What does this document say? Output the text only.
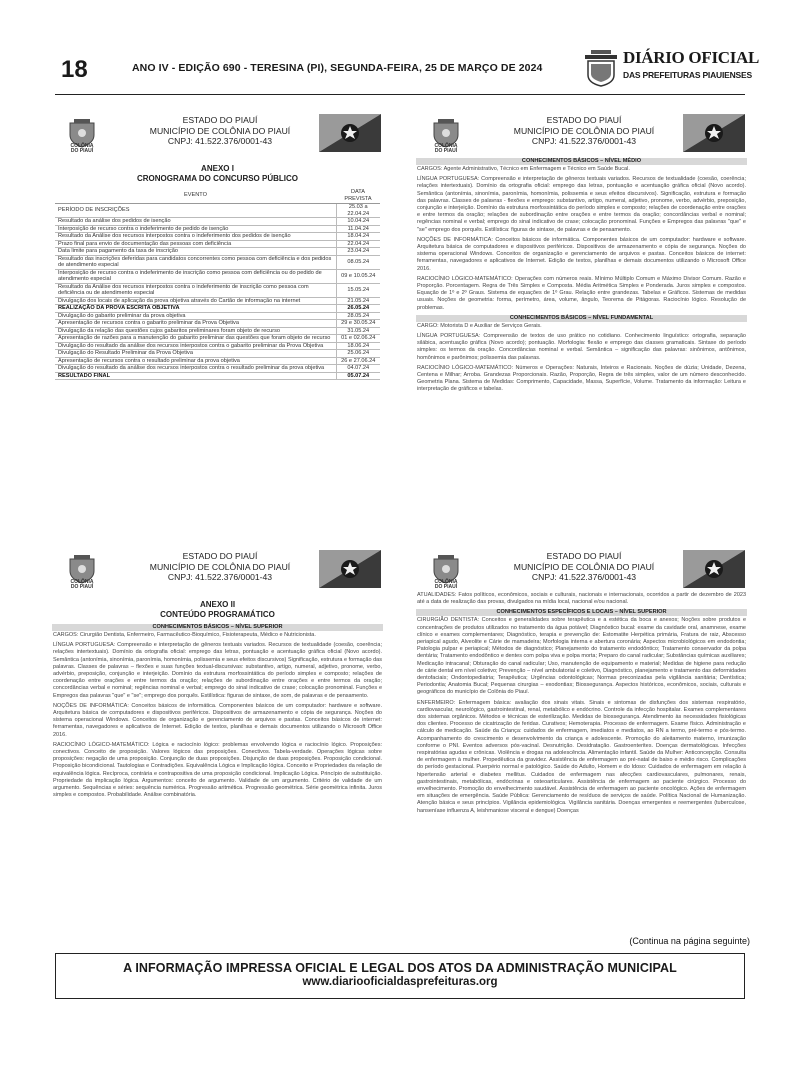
18	ANO IV - EDIÇÃO 690 - TERESINA (PI), SEGUNDA-FEIRA, 25 DE MARÇO DE 2024
DIÁRIO OFICIAL
DAS PREFEITURAS PIAUIENSES
COLÔNIA
DO PIAUÍ
ESTADO DO PIAUÍ
MUNICÍPIO DE COLÔNIA DO PIAUÍ
CNPJ: 41.522.376/0001-43
ANEXO I
CRONOGRAMA DO CONCURSO PÚBLICO
EVENTO	DATA PREVISTA
PERÍODO DE INSCRIÇÕES	25.03 a 22.04.24
Resultado da análise dos pedidos de isenção	10.04.24
Interposição de recurso contra o indeferimento de pedido de isenção	11.04.24
Resultado da Análise dos recursos interpostos contra o indeferimento dos pedidos de isenção	18.04.24
Prazo final para envio de documentação das pessoas com deficiência	22.04.24
Data limite para pagamento da taxa de inscrição	23.04.24
Resultado das inscrições deferidas para candidatos concorrentes como pessoa com deficiência e dos pedidos de atendimento especial	08.05.24
Interposição de recurso contra o indeferimento de inscrição como pessoa com deficiência ou do pedido de atendimento especial	09 e 10.05.24
Resultado da Análise dos recursos interpostos contra o indeferimento de inscrição como pessoa com deficiência ou de atendimento especial	15.05.24
Divulgação dos locais de aplicação da prova objetiva através do Cartão de informação na internet	21.05.24
REALIZAÇÃO DA PROVA ESCRITA OBJETIVA	26.05.24
Divulgação do gabarito preliminar da prova objetiva	28.05.24
Apresentação de recursos contra o gabarito preliminar da Prova Objetiva	29 e 30.05.24
Divulgação da relação das questões cujos gabaritos preliminares foram objeto de recurso	31.05.24
Apresentação de razões para a manutenção do gabarito preliminar das questões que foram objeto de recurso	01 e 02.06.24
Divulgação do resultado da análise dos recursos interpostos contra o gabarito preliminar da Prova Objetiva	18.06.24
Divulgação do Resultado Preliminar da Prova Objetiva	25.06.24
Apresentação de recursos contra o resultado preliminar da prova objetiva	26 e 27.06.24
Divulgação do resultado da análise dos recursos interpostos contra o resultado preliminar da prova objetiva	04.07.24
RESULTADO FINAL	05.07.24
COLÔNIA
DO PIAUÍ
ESTADO DO PIAUÍ
MUNICÍPIO DE COLÔNIA DO PIAUÍ
CNPJ: 41.522.376/0001-43
CONHECIMENTOS BÁSICOS – NÍVEL MÉDIO
CARGOS: Agente Administrativo, Técnico em Enfermagem e Técnico em Saúde Bucal.
LÍNGUA PORTUGUESA: Compreensão e interpretação de gêneros textuais variados. Recursos de textualidade (coesão, coerência; relações intertextuais). Domínio da ortografia oficial: emprego das letras, pontuação e acentuação gráfica oficial (Novo acordo). Semântica (antonímia, sinonímia, paronímia, homonímia, polissemia e seus efeitos discursivos). Significação, estrutura e formação das palavras. Classes de palavras - flexões e emprego: substantivo, artigo, numeral, adjetivo, pronome, verbo, advérbio, preposição, conjunção e interjeição. Domínio da estrutura morfossintática do período simples e composto; relações de coordenação entre orações e entre termos da oração; relações de subordinação entre orações e entre termos da oração; concordâncias verbal e nominal; regências nominal e verbal; emprego do sinal indicativo de crase; colocação pronominal. Funções e Empregos das palavras "que" e "se" emprego dos porquês. Estilística: figuras de sintaxe, de palavras e de pensamento.
NOÇÕES DE INFORMÁTICA: Conceitos básicos de informática. Componentes básicos de um computador: hardware e software. Arquitetura básica de computadores e dispositivos periféricos. Dispositivos de armazenamento e cópia de segurança. Noções do sistema operacional Windows. Conceitos de organização e gerenciamento de arquivos e pastas. Conceitos básicos de internet: ferramentas, navegadores e aplicativos de Internet. Edição de textos, planilhas e demais documentos utilizando o Microsoft Office 2016.
RACIOCÍNIO LÓGICO-MATEMÁTICO: Operações com números reais. Mínimo Múltiplo Comum e Máximo Divisor Comum. Razão e Proporção. Porcentagem. Regra de Três Simples e Composta. Média Aritmética Simples e Ponderada. Juros simples e compostos. Equação de 1º e 2º Graus. Sistema de equações de 1º Grau. Relação entre grandezas. Tabelas e Gráficos. Sistemas de medidas usuais. Noções de geometria: forma, perímetro, área, volume, ângulo, Teorema de Pitágoras. Raciocínio lógico. Resolução de problemas.
CONHECIMENTOS BÁSICOS – NÍVEL FUNDAMENTAL
CARGO: Motorista D e Auxiliar de Serviços Gerais.
LÍNGUA PORTUGUESA: Compreensão de textos de uso prático no cotidiano. Conhecimento linguístico: ortografia, separação silábica, acentuação gráfica (Novo acordo); pontuação. Morfologia: flexão e emprego das classes gramaticais. Sintaxe do período simples: os termos da oração. Concordâncias nominal e verbal. Semântica – significação das palavras: sinônimos, antônimos, homônimos e parônimos; polissemia das palavras.
RACIOCÍNIO LÓGICO-MATEMÁTICO: Números e Operações: Naturais, Inteiros e Racionais. Noções de dúzia; Unidade, Dezena, Centena e Milhar; Arroba. Grandezas Proporcionais. Razão, Proporção, Regra de três simples, valor de um número desconhecido. Geometria Plana. Sistema de Medidas: Comprimento, Capacidade, Massa, Superfície, Volume. Tratamento da informação: Leitura e interpretação de gráficos e tabelas.
COLÔNIA
DO PIAUÍ
ESTADO DO PIAUÍ
MUNICÍPIO DE COLÔNIA DO PIAUÍ
CNPJ: 41.522.376/0001-43
ANEXO II
CONTEÚDO PROGRAMÁTICO
CONHECIMENTOS BÁSICOS – NÍVEL SUPERIOR
CARGOS: Cirurgião Dentista, Enfermeiro, Farmacêutico-Bioquímico, Fisioterapeuta, Médico e Nutricionista.
LÍNGUA PORTUGUESA: Compreensão e interpretação de gêneros textuais variados. Recursos de textualidade (coesão, coerência; relações intertextuais). Domínio da ortografia oficial: emprego das letras, pontuação e acentuação gráfica oficial (Novo acordo). Semântica (antonímia, sinonímia, paronímia, homonímia, polissemia e seus efeitos discursivos) Significação, estrutura e formação das palavras. Classes de palavras – flexões e suas funções textual-discursivas: substantivo, artigo, numeral, adjetivo, pronome, verbo, advérbio, preposição, conjunção e interjeição. Domínio da estrutura morfossintática do período simples e composto; relações de coordenação entre orações e entre termos da oração; relações de subordinação entre orações e entre termos da oração; concordâncias verbal e nominal; regências nominal e verbal; emprego do sinal indicativo de crase; colocação pronominal. Funções e Empregos das palavras "que" e "se"; emprego dos porquês. Estilística: figuras de sintaxe, de som, de palavras e de pensamento.
NOÇÕES DE INFORMÁTICA: Conceitos básicos de informática. Componentes básicos de um computador: hardware e software. Arquitetura básica de computadores e dispositivos periféricos. Dispositivos de armazenamento e cópia de segurança. Noções do sistema operacional Windows. Conceitos de organização e gerenciamento de arquivos e pastas. Conceitos básicos de internet: ferramentas, navegadores e aplicativos de Internet. Edição de textos, planilhas e demais documentos utilizando o Microsoft Office 2016.
RACIOCÍNIO LÓGICO-MATEMÁTICO: Lógica e raciocínio lógico: problemas envolvendo lógica e raciocínio lógico. Proposições: conectivos. Conceito de proposição. Valores lógicos das proposições. Conectivos. Tabela-verdade. Operações lógicas sobre proposições: negação de uma proposição. Conjunção de duas proposições. Disjunção de duas proposições. Proposição condicional. Proposição bicondicional. Tautologias e Contradições. Equivalência Lógica e Implicação lógica. Conceito e Propriedades da relação de equivalência lógica. Recíproca, contrária e contrapositiva de uma proposição condicional. Implicação Lógica. Princípio de substituição. Propriedade da implicação lógica. Argumentos: conceito de argumento. Validade de um argumento. Critério de validade de um argumento. Sequências e séries: sequência numérica. Progressão aritmética. Progressão geométrica. Série geométrica infinita. Juros simples e compostos. Probabilidade. Análise combinatória.
COLÔNIA
DO PIAUÍ
ESTADO DO PIAUÍ
MUNICÍPIO DE COLÔNIA DO PIAUÍ
CNPJ: 41.522.376/0001-43
ATUALIDADES: Fatos políticos, econômicos, sociais e culturais, nacionais e internacionais, ocorridos a partir de dezembro de 2023 até a data de realização das provas, divulgados na mídia local, nacional e/ou nacional.
CONHECIMENTOS ESPECÍFICOS E LOCAIS – NÍVEL SUPERIOR
CIRURGIÃO DENTISTA: Conceitos e generalidades sobre terapêutica e a estética da boca e anexos; Noções sobre produtos e concentrações de produtos utilizados no tratamento da água potável; Diagnóstico bucal: exame da cavidade oral, anamnese, exame clínico e exames complementares; Diagnóstico, terapia e prevenção de: Estomatite Herpética primária, Fratura de raiz, Abscesso periapical agudo, Alveolite e Cárie de mamadeira; Morfologia interna e abertura coronária; Aspectos microbiológicos em endodontia; Patologia pulpar e periapical; Métodos de diagnóstico; Planejamento do tratamento endodôntico; Tratamento conservador da polpa dentária; Tratamento endodôntico e dentes com polpa viva e polpa morta; Preparo do canal radicular; Substâncias químicas auxiliares; Medicação intracanal; Obturação do canal radicular; Uso, manutenção de equipamento e material; Medidas de higiene para redução de cárie dental em nível coletivo; Prevenção – nível ambulatorial e coletivo, Diagnóstico, planejamento e tratamento das deformidades dentofaciais; Ondontopediatria; Terapêutica; Urgências odontológicas; Normas preconizadas pela vigilância sanitária; Dentística; Periodontia; Anatomia Bucal; Pequenas cirurgias – exodontias; Biossegurança. Aspectos históricos, econômicos, sociais, culturais e geográficos do município de Colônia do Piauí.
ENFERMEIRO: Enfermagem básica: avaliação dos sinais vitais. Sinais e sintomas de disfunções dos sistemas respiratório, cardiovascular, neurológico, gastrointestinal, renal, metabólico e endócrino. Controle da infecção hospitalar. Exames complementares dos sistemas orgânicos. Métodos e técnicas de esterilização. Medidas de biossegurança. Atendimento às necessidades fisiológicas dos clientes. Processo de cicatrização de feridas. Curativos; Hemoterapia. Processo de enfermagem. Exame físico. Administração e cálculo de medicação. Saúde da Criança: cuidados de enfermagem, imediatos e mediatos, ao RN a termo, pré-termo e pós-termo. Acompanhamento do crescimento e desenvolvimento da criança e adolescente. Promoção do aleitamento materno, imunização conforme o PNI. Eventos adversos pós-vacinal. Desnutrição. Desidratação. Gastroenterites. Doenças dermatológicas. Infecções respiratórias agudas e crônicas. Violência e drogas na adolescência. Alimentação infantil. Saúde da Mulher: Anticoncepção. Consulta de enfermagem à mulher. Propedêutica da gravidez. Assistência de enfermagem ao pré-natal de baixo e médio risco. Complicações do período gestacional. Puerpério normal e patológico. Saúde do Adulto, Homem e do Idoso: Cuidados de enfermagem em relação à hipertensão arterial e diabetes mellitus. Cuidados de enfermagem nas afecções cardiovasculares, pulmonares, renais, gastrointestinais, metabólicas, endócrinas e osteoarticulares. Assistência de enfermagem ao paciente cirúrgico. Processo do envelhecimento. Promoção do envelhecimento saudável. Assistência de enfermagem ao paciente oncológico. Ações de enfermagem em situações de emergência. Saúde Pública: Gerenciamento de resíduos de serviços de saúde. Política Nacional de Humanização. Atenção básica e seus princípios. Vigilância epidemiológica. Vigilância sanitária. Doenças emergentes e reemergentes (tuberculose, hanseníase influenza A, leishmaniose visceral e dengue) Doenças
(Continua na página seguinte)
A INFORMAÇÃO IMPRESSA OFICIAL E LEGAL DOS ATOS DA ADMINISTRAÇÃO MUNICIPAL
www.diariooficialdasprefeituras.org
